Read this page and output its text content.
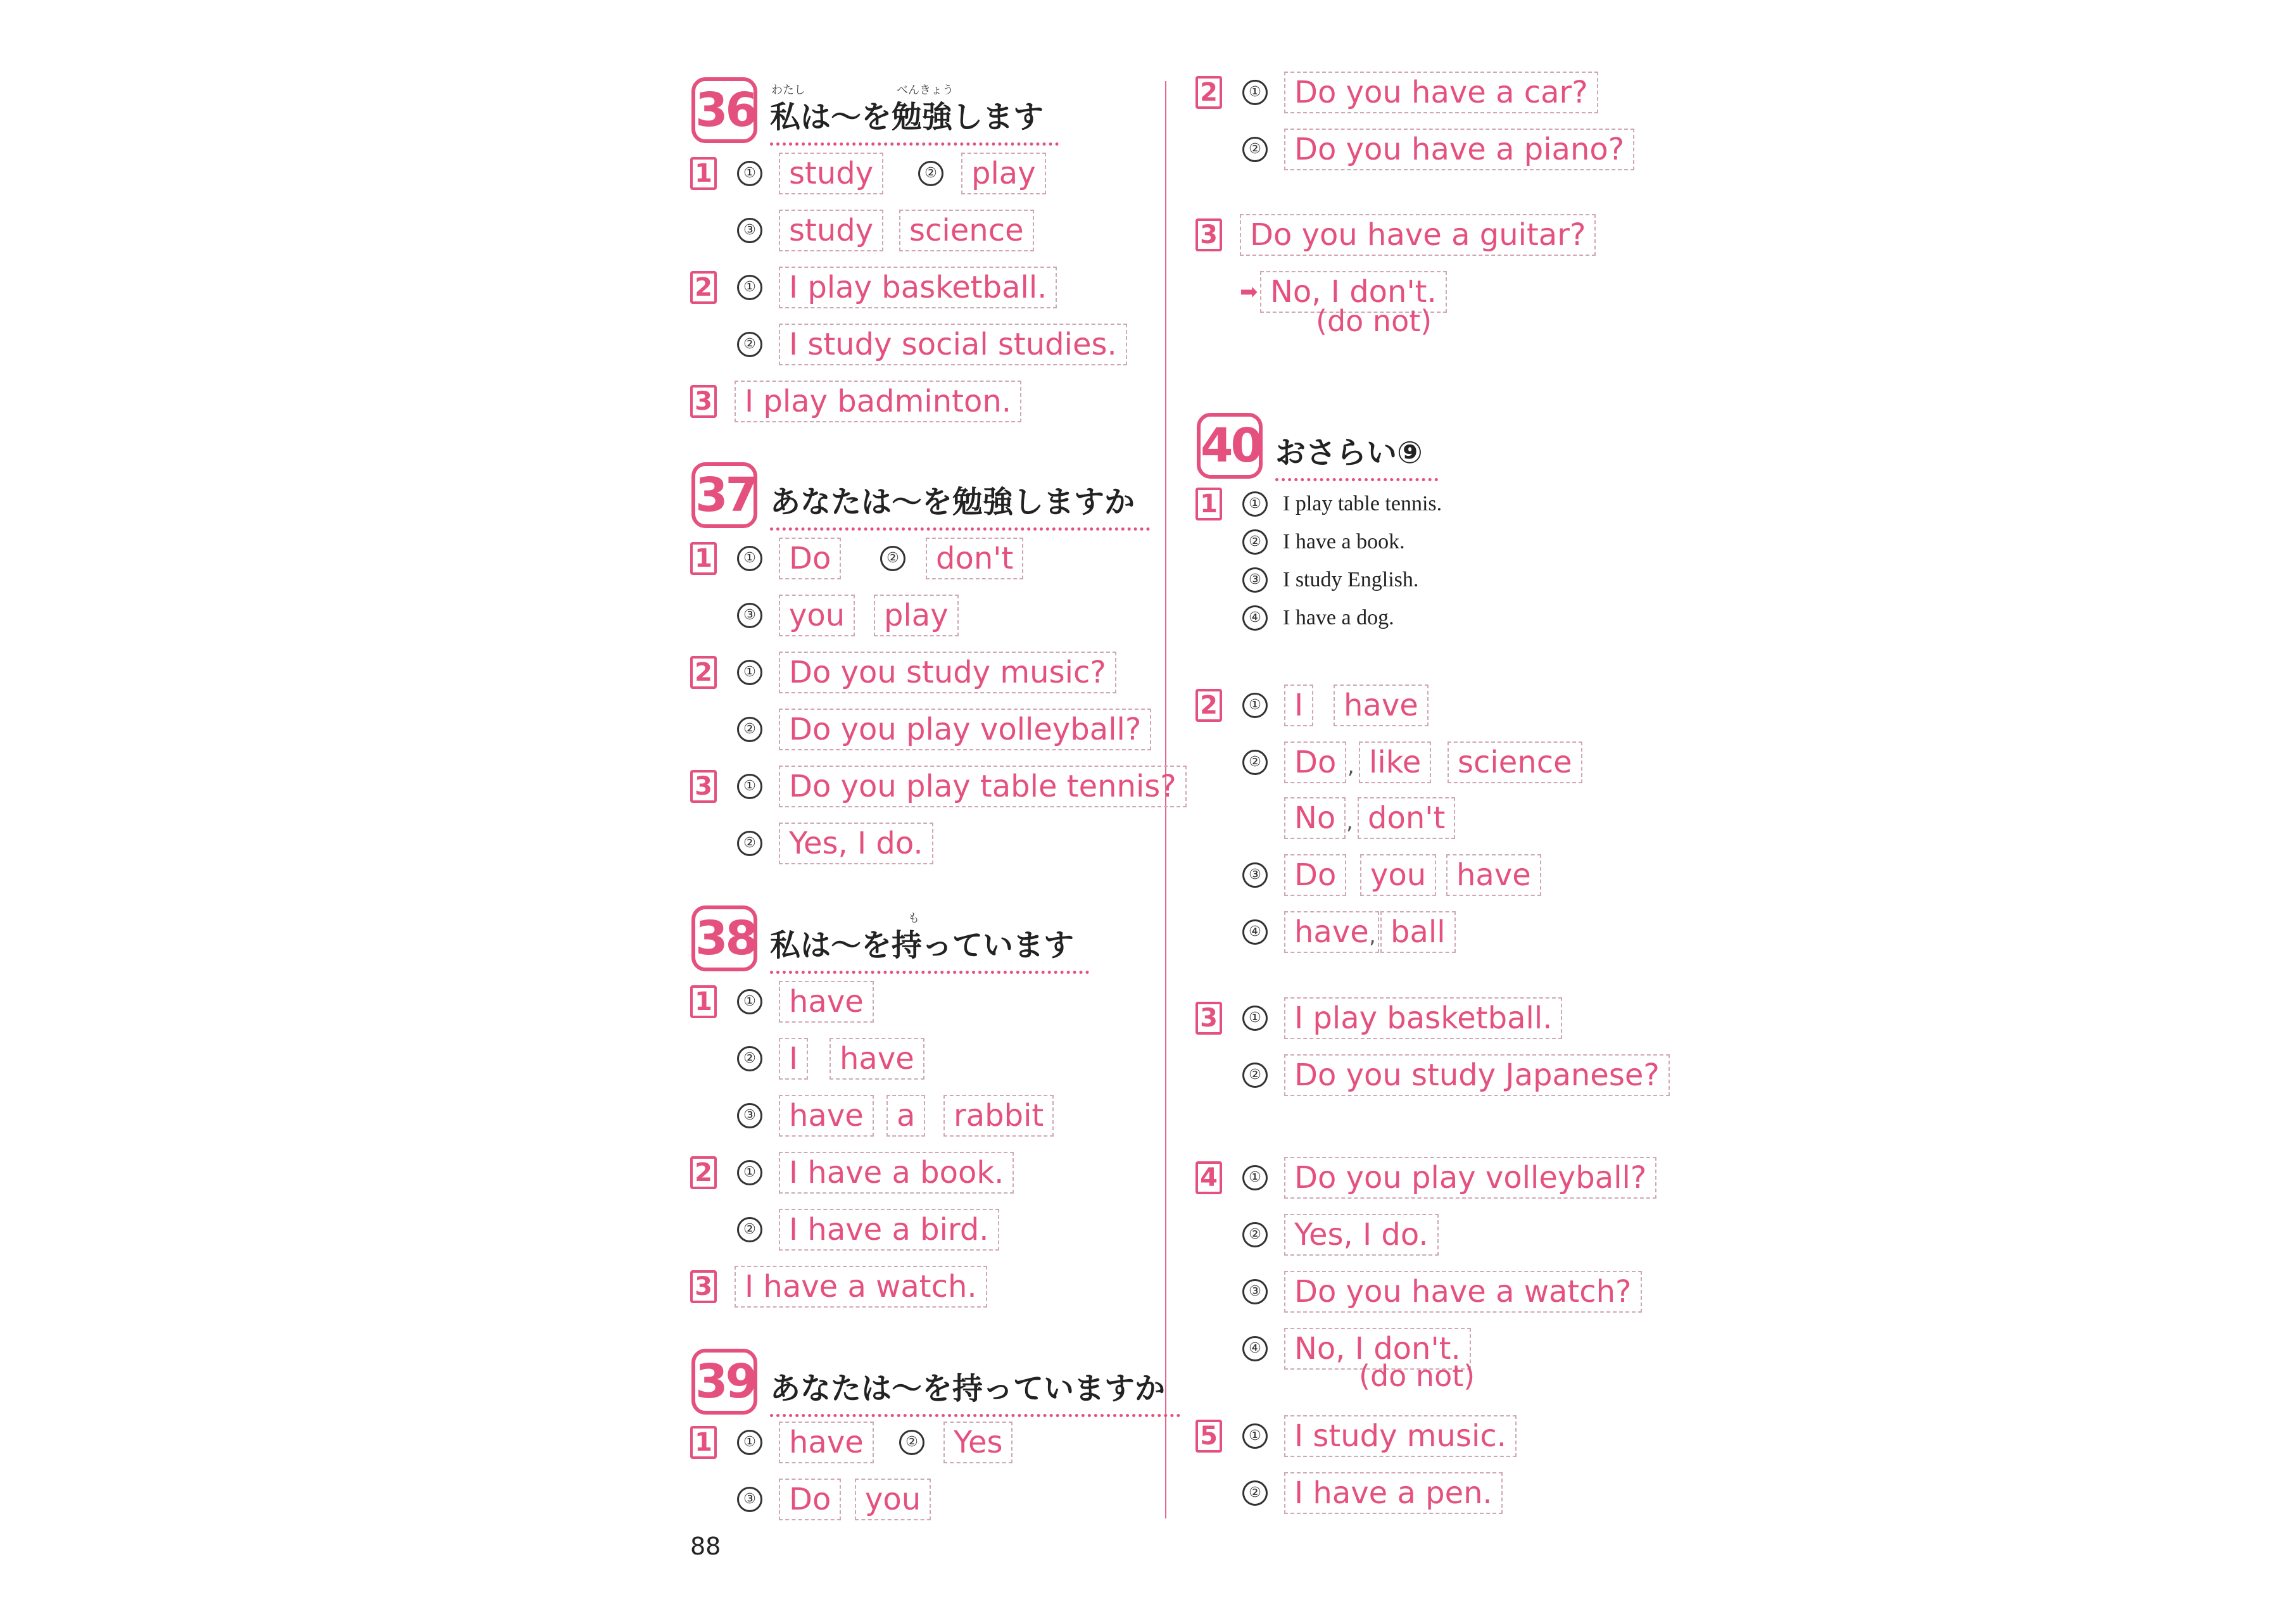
36 わたし	べんきょう
私は〜を勉強します
1	①	study	②	play
③	study	science
2	①	I play basketball.
②	I study social studies.
3	I play badminton.
37 あなたは〜を勉強しますか
1	①	Do	②	don't
③	you	play
2	①	Do you study music?
②	Do you play volleyball?
3	①	Do you play table tennis?
②	Yes, I do.
38	も
私は〜を持っています
1	①	have
②	I	have
③	have	a	rabbit
2	①	I have a book.
②	I have a bird.
3	I have a watch.
39 あなたは〜を持っていますか
1	①	have	②	Yes
③	Do	you
88
2	①	Do you have a car?
②	Do you have a piano?
3	Do you have a guitar?
➡ No, I don't.
(do not)
40 おさらい⑨
1	① I play table tennis.
② I have a book.
③ I study English.
④ I have a dog.
2	①	I	have
②	Do , like	science
No , don't
③	Do	you have
④	have , ball
3	①	I play basketball.
②	Do you study Japanese?
4	①	Do you play volleyball?
②	Yes, I do.
③	Do you have a watch?
④	No, I don't.
(do not)
5	①	I study music.
②	I have a pen.
